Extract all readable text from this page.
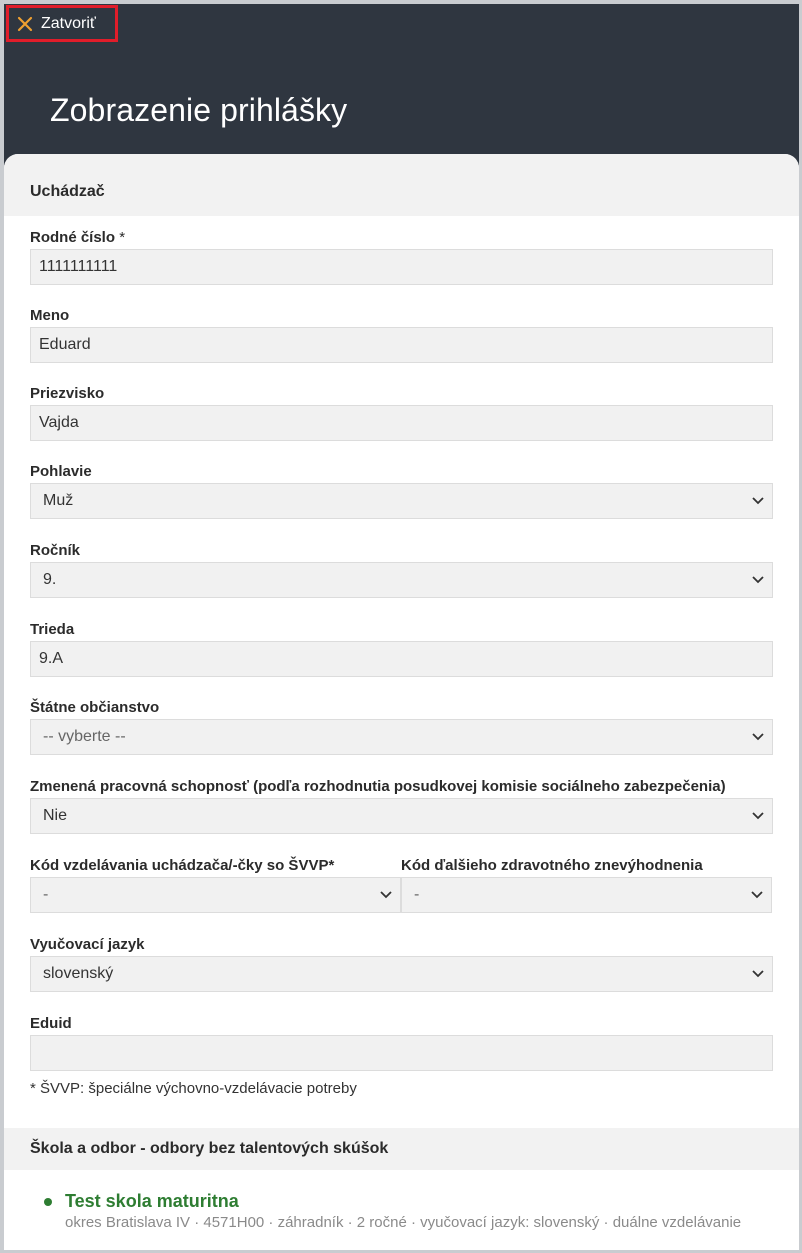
Zatvoriť
Zobrazenie prihlášky
Uchádzač
Rodné číslo *
1111111111
Meno
Eduard
Priezvisko
Vajda
Pohlavie
Muž
Ročník
9.
Trieda
9.A
Štátne občianstvo
-- vyberte --
Zmenená pracovná schopnosť (podľa rozhodnutia posudkovej komisie sociálneho zabezpečenia)
Nie
Kód vzdelávania uchádzača/-čky so ŠVVP*
-
Kód ďalšieho zdravotného znevýhodnenia
-
Vyučovací jazyk
slovenský
Eduid
* ŠVVP: špeciálne výchovno-vzdelávacie potreby
Škola a odbor - odbory bez talentových skúšok
Test skola maturitna
okres Bratislava IV · 4571H00 · záhradník · 2 ročné · vyučovací jazyk: slovenský · duálne vzdelávanie
